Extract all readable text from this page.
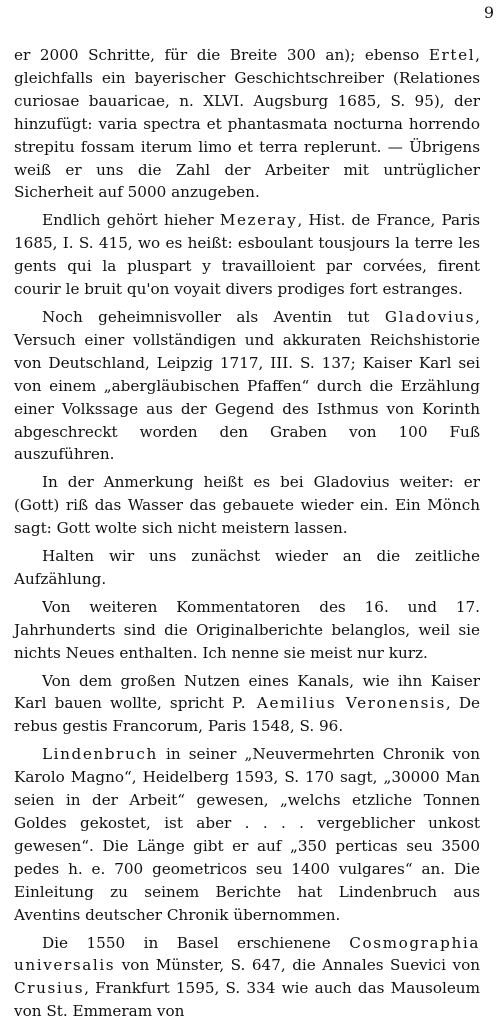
9

er 2000 Schritte, für die Breite 300 an); ebenso Ertel, gleichfalls ein bayerischer Geschichtschreiber (Relationes curiosae bauaricae, n. XLVI. Augsburg 1685, S. 95), der hinzufügt: varia spectra et phantasmata nocturna horrendo strepitu fossam iterum limo et terra replerunt. — Übrigens weiß er uns die Zahl der Arbeiter mit untrüglicher Sicherheit auf 5000 anzugeben.

Endlich gehört hieher Mezeray, Hist. de France, Paris 1685, I. S. 415, wo es heißt: esboulant tousjours la terre les gents qui la pluspart y travailloient par corvées, firent courir le bruit qu'on voyait divers prodiges fort estranges.

Noch geheimnisvoller als Aventin tut Gladovius, Versuch einer vollständigen und akkuraten Reichshistorie von Deutschland, Leipzig 1717, III. S. 137; Kaiser Karl sei von einem „abergläubischen Pfaffen“ durch die Erzählung einer Volkssage aus der Gegend des Isthmus von Korinth abgeschreckt worden den Graben von 100 Fuß auszuführen.

In der Anmerkung heißt es bei Gladovius weiter: er (Gott) riß das Wasser das gebauete wieder ein. Ein Mönch sagt: Gott wolte sich nicht meistern lassen.

Halten wir uns zunächst wieder an die zeitliche Aufzählung.

Von weiteren Kommentatoren des 16. und 17. Jahrhunderts sind die Originalberichte belanglos, weil sie nichts Neues enthalten. Ich nenne sie meist nur kurz.

Von dem großen Nutzen eines Kanals, wie ihn Kaiser Karl bauen wollte, spricht P. Aemilius Veronensis, De rebus gestis Francorum, Paris 1548, S. 96.

Lindenbruch in seiner „Neuvermehrten Chronik von Karolo Magno“, Heidelberg 1593, S. 170 sagt, „30000 Man seien in der Arbeit“ gewesen, „welchs etzliche Tonnen Goldes gekostet, ist aber . . . . vergeblicher unkost gewesen“. Die Länge gibt er auf „350 perticas seu 3500 pedes h. e. 700 geometricos seu 1400 vulgares“ an. Die Einleitung zu seinem Berichte hat Lindenbruch aus Aventins deutscher Chronik übernommen.

Die 1550 in Basel erschienene Cosmographia universalis von Münster, S. 647, die Annales Suevici von Crusius, Frankfurt 1595, S. 334 wie auch das Mausoleum von St. Emmeram von
